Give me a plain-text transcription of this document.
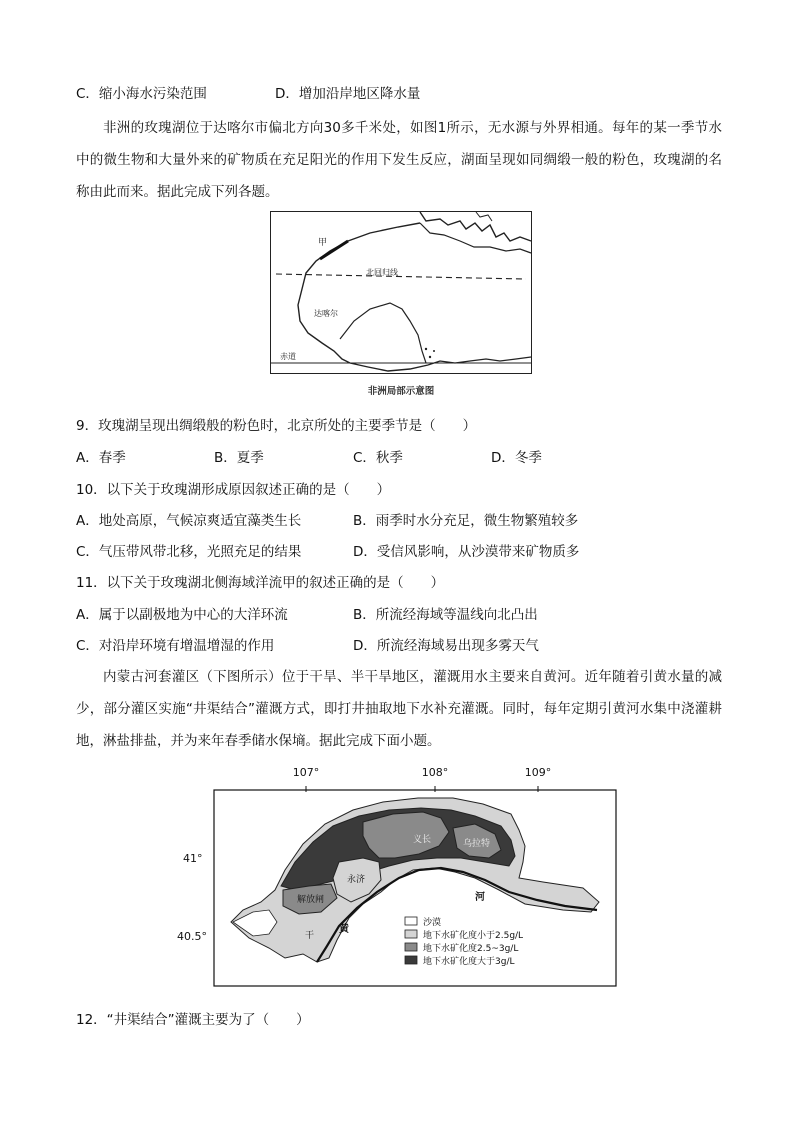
C．缩小海水污染范围	D．增加沿岸地区降水量
非洲的玫瑰湖位于达喀尔市偏北方向30多千米处，如图1所示，无水源与外界相通。每年的某一季节水中的微生物和大量外来的矿物质在充足阳光的作用下发生反应，湖面呈现如同绸缎一般的粉色，玫瑰湖的名称由此而来。据此完成下列各题。
甲
北回归线
达喀尔
赤道
非洲局部示意图
9．玫瑰湖呈现出绸缎般的粉色时，北京所处的主要季节是（　　）
A．春季	B．夏季	C．秋季	D．冬季
10．以下关于玫瑰湖形成原因叙述正确的是（　　）
A．地处高原，气候凉爽适宜藻类生长	B．雨季时水分充足，微生物繁殖较多
C．气压带风带北移，光照充足的结果	D．受信风影响，从沙漠带来矿物质多
11．以下关于玫瑰湖北侧海域洋流甲的叙述正确的是（　　）
A．属于以副极地为中心的大洋环流	B．所流经海域等温线向北凸出
C．对沿岸环境有增温增湿的作用	D．所流经海域易出现多雾天气
内蒙古河套灌区（下图所示）位于干旱、半干旱地区，灌溉用水主要来自黄河。近年随着引黄水量的减少，部分灌区实施“井渠结合”灌溉方式，即打井抽取地下水补充灌溉。同时，每年定期引黄河水集中浇灌耕地，淋盐排盐，并为来年春季储水保墒。据此完成下面小题。
107°	108°	109°
41°
40.5°
义长
永济
乌拉特
解放闸
干
黄
河
沙漠
地下水矿化度小于2.5g/L
地下水矿化度2.5~3g/L
地下水矿化度大于3g/L
12．“井渠结合”灌溉主要为了（　　）
